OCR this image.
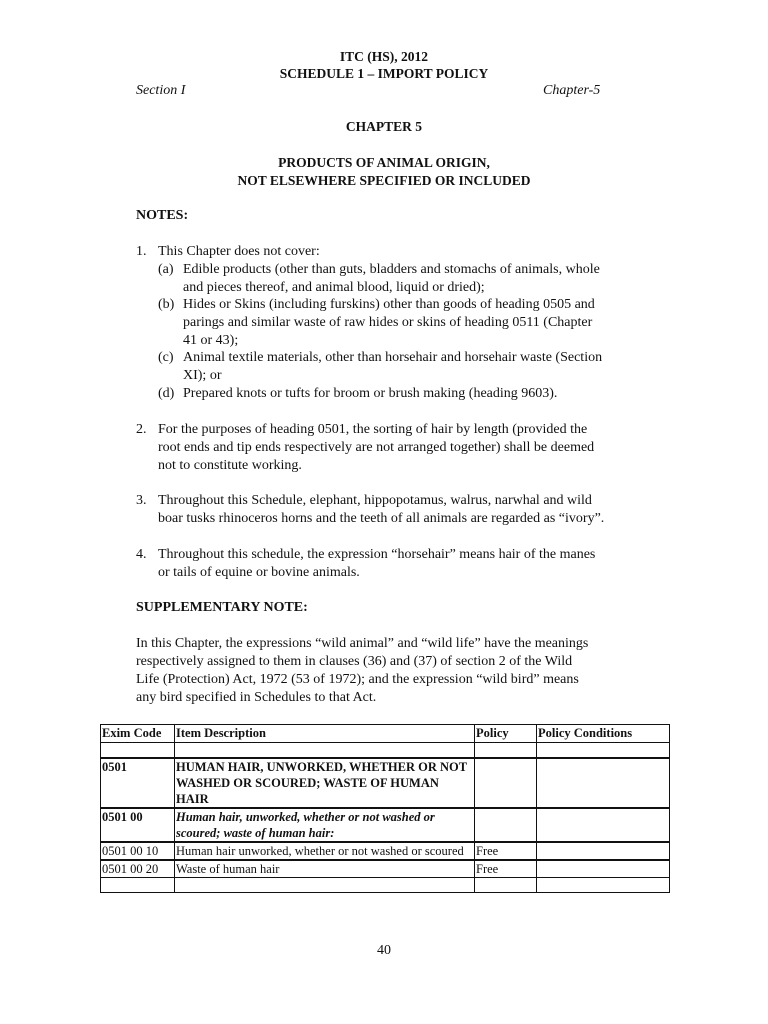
ITC (HS), 2012
SCHEDULE 1 – IMPORT POLICY
Section I	Chapter-5
CHAPTER 5
PRODUCTS OF ANIMAL ORIGIN,
NOT ELSEWHERE SPECIFIED OR INCLUDED
NOTES:
1. This Chapter does not cover:
(a) Edible products (other than guts, bladders and stomachs of animals, whole
and pieces thereof, and animal blood, liquid or dried);
(b) Hides or Skins (including furskins) other than goods of heading 0505 and
parings and similar waste of raw hides or skins of heading 0511 (Chapter
41 or 43);
(c) Animal textile materials, other than horsehair and horsehair waste (Section
XI); or
(d) Prepared knots or tufts for broom or brush making (heading 9603).
2. For the purposes of heading 0501, the sorting of hair by length (provided the
root ends and tip ends respectively are not arranged together) shall be deemed
not to constitute working.
3. Throughout this Schedule, elephant, hippopotamus, walrus, narwhal and wild
boar tusks rhinoceros horns and the teeth of all animals are regarded as “ivory”.
4. Throughout this schedule, the expression “horsehair” means hair of the manes
or tails of equine or bovine animals.
SUPPLEMENTARY NOTE:
In this Chapter, the expressions “wild animal” and “wild life” have the meanings
respectively assigned to them in clauses (36) and (37) of section 2 of the Wild
Life (Protection) Act, 1972 (53 of 1972); and the expression “wild bird” means
any bird specified in Schedules to that Act.
Exim Code	Item Description	Policy	Policy Conditions

0501	HUMAN HAIR, UNWORKED, WHETHER OR NOT WASHED OR SCOURED; WASTE OF HUMAN HAIR		
0501 00	Human hair, unworked, whether or not washed or scoured; waste of human hair:		
0501 00 10	Human hair unworked, whether or not washed or scoured	Free	
0501 00 20	Waste of human hair	Free	

40
